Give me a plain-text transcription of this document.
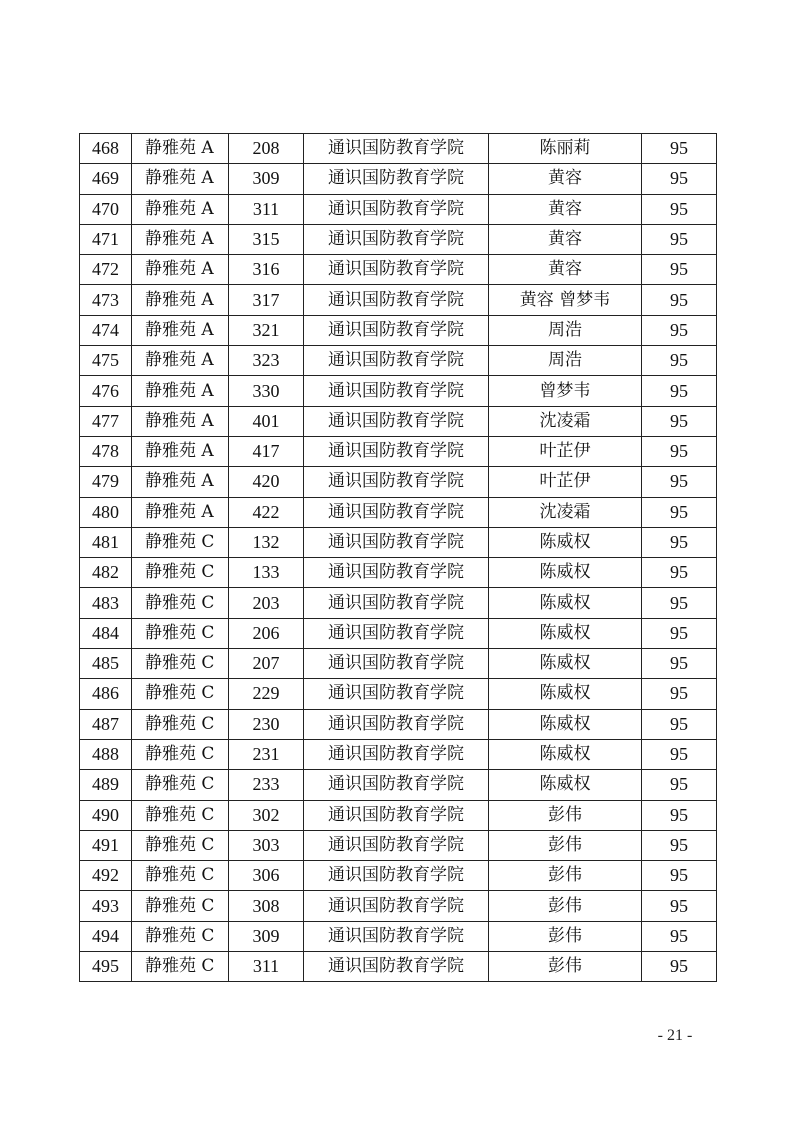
468	静雅苑 A	208	通识国防教育学院	陈丽莉	95
469	静雅苑 A	309	通识国防教育学院	黄容	95
470	静雅苑 A	311	通识国防教育学院	黄容	95
471	静雅苑 A	315	通识国防教育学院	黄容	95
472	静雅苑 A	316	通识国防教育学院	黄容	95
473	静雅苑 A	317	通识国防教育学院	黄容 曾梦韦	95
474	静雅苑 A	321	通识国防教育学院	周浩	95
475	静雅苑 A	323	通识国防教育学院	周浩	95
476	静雅苑 A	330	通识国防教育学院	曾梦韦	95
477	静雅苑 A	401	通识国防教育学院	沈凌霜	95
478	静雅苑 A	417	通识国防教育学院	叶芷伊	95
479	静雅苑 A	420	通识国防教育学院	叶芷伊	95
480	静雅苑 A	422	通识国防教育学院	沈凌霜	95
481	静雅苑 C	132	通识国防教育学院	陈威权	95
482	静雅苑 C	133	通识国防教育学院	陈威权	95
483	静雅苑 C	203	通识国防教育学院	陈威权	95
484	静雅苑 C	206	通识国防教育学院	陈威权	95
485	静雅苑 C	207	通识国防教育学院	陈威权	95
486	静雅苑 C	229	通识国防教育学院	陈威权	95
487	静雅苑 C	230	通识国防教育学院	陈威权	95
488	静雅苑 C	231	通识国防教育学院	陈威权	95
489	静雅苑 C	233	通识国防教育学院	陈威权	95
490	静雅苑 C	302	通识国防教育学院	彭伟	95
491	静雅苑 C	303	通识国防教育学院	彭伟	95
492	静雅苑 C	306	通识国防教育学院	彭伟	95
493	静雅苑 C	308	通识国防教育学院	彭伟	95
494	静雅苑 C	309	通识国防教育学院	彭伟	95
495	静雅苑 C	311	通识国防教育学院	彭伟	95
- 21 -
